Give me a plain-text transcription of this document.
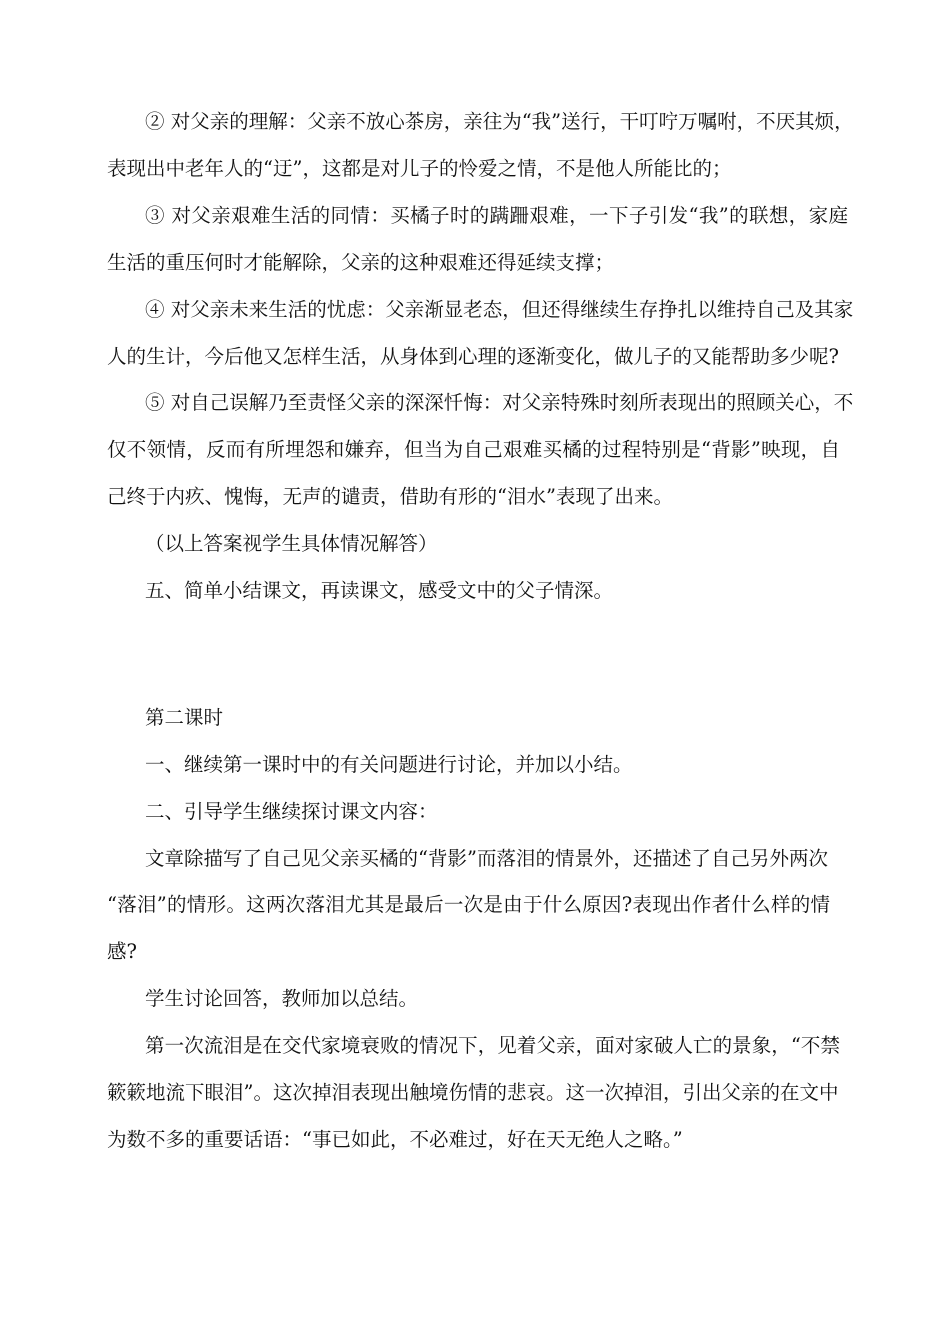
② 对父亲的理解：父亲不放心茶房，亲往为“我”送行，干叮咛万嘱咐，不厌其烦，
表现出中老年人的“迂”，这都是对儿子的怜爱之情，不是他人所能比的；
③ 对父亲艰难生活的同情：买橘子时的蹒跚艰难，一下子引发“我”的联想，家庭
生活的重压何时才能解除，父亲的这种艰难还得延续支撑；
④ 对父亲未来生活的忧虑：父亲渐显老态，但还得继续生存挣扎以维持自己及其家
人的生计，今后他又怎样生活，从身体到心理的逐渐变化，做儿子的又能帮助多少呢?
⑤ 对自己误解乃至责怪父亲的深深忏悔：对父亲特殊时刻所表现出的照顾关心，不
仅不领情，反而有所埋怨和嫌弃，但当为自己艰难买橘的过程特别是“背影”映现，自
己终于内疚、愧悔，无声的谴责，借助有形的“泪水”表现了出来。
（以上答案视学生具体情况解答）
五、简单小结课文，再读课文，感受文中的父子情深。
第二课时
一、继续第一课时中的有关问题进行讨论，并加以小结。
二、引导学生继续探讨课文内容：
文章除描写了自己见父亲买橘的“背影”而落泪的情景外，还描述了自己另外两次
“落泪”的情形。这两次落泪尤其是最后一次是由于什么原因?表现出作者什么样的情
感?
学生讨论回答，教师加以总结。
第一次流泪是在交代家境衰败的情况下，见着父亲，面对家破人亡的景象，“不禁
簌簌地流下眼泪”。这次掉泪表现出触境伤情的悲哀。这一次掉泪，引出父亲的在文中
为数不多的重要话语：“事已如此，不必难过，好在天无绝人之略。”
